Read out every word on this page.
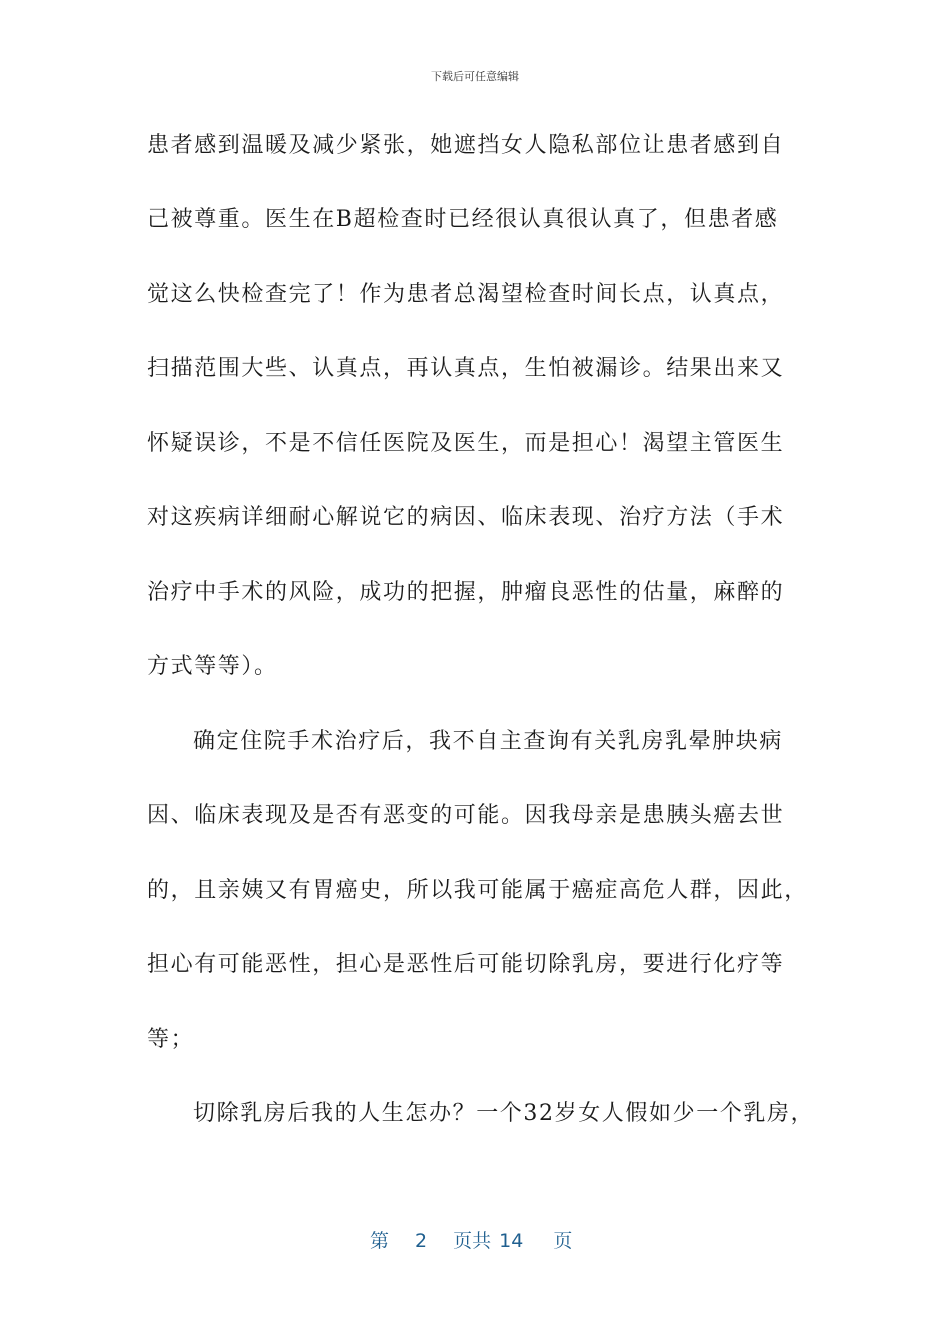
下载后可任意编辑
患者感到温暖及减少紧张，她遮挡女人隐私部位让患者感到自
己被尊重。医生在B超检查时已经很认真很认真了，但患者感
觉这么快检查完了！作为患者总渴望检查时间长点，认真点，
扫描范围大些、认真点，再认真点，生怕被漏诊。结果出来又
怀疑误诊，不是不信任医院及医生，而是担心！渴望主管医生
对这疾病详细耐心解说它的病因、临床表现、治疗方法（手术
治疗中手术的风险，成功的把握，肿瘤良恶性的估量，麻醉的
方式等等）。
确定住院手术治疗后，我不自主查询有关乳房乳晕肿块病
因、临床表现及是否有恶变的可能。因我母亲是患胰头癌去世
的，且亲姨又有胃癌史，所以我可能属于癌症高危人群，因此，
担心有可能恶性，担心是恶性后可能切除乳房，要进行化疗等
等；
切除乳房后我的人生怎办？一个32岁女人假如少一个乳房，
第 2 页共 14 页
